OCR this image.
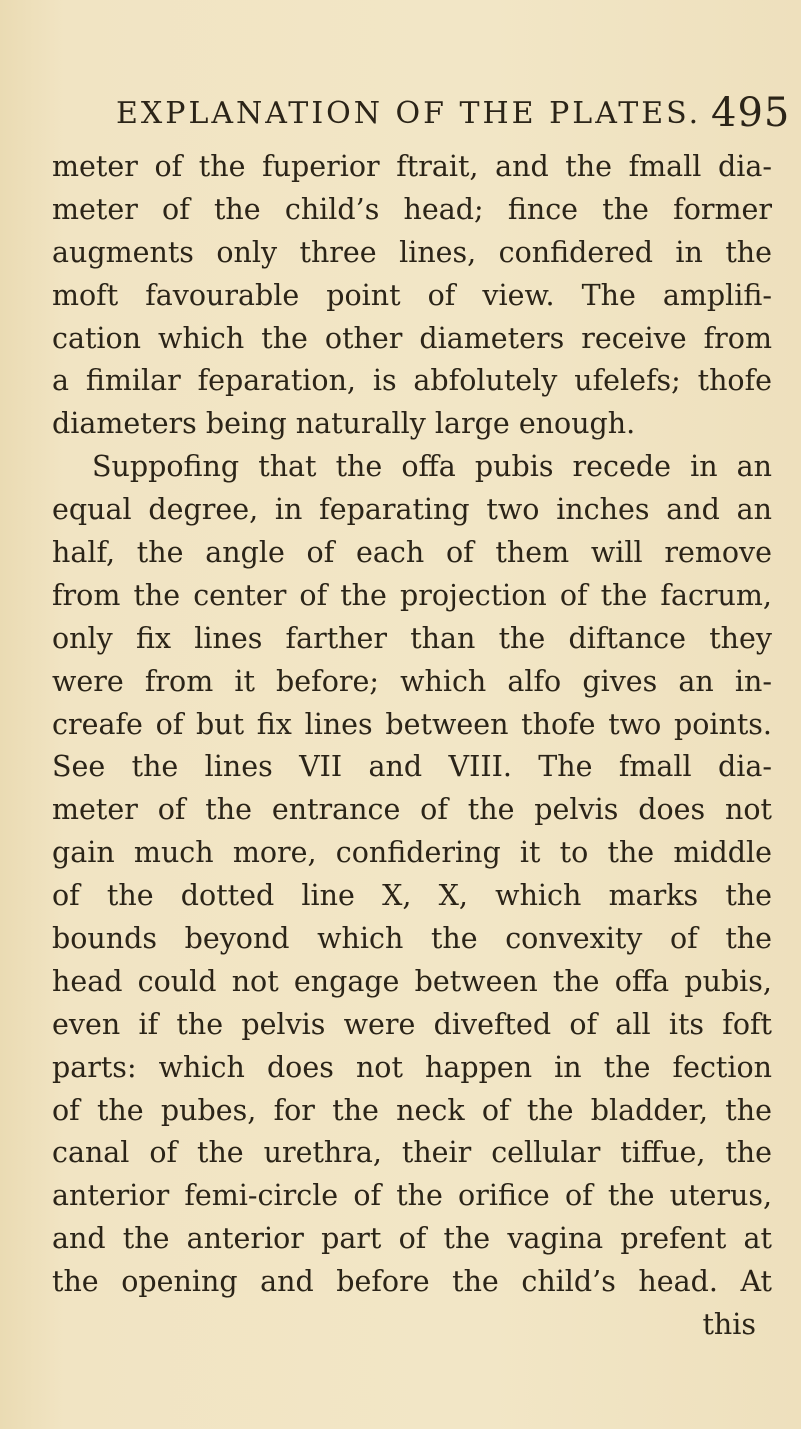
EXPLANATION OF THE PLATES. 495
meter of the fuperior ftrait, and the fmall dia-
meter of the child’s head; fince the former
augments only three lines, confidered in the
moft favourable point of view. The amplifi-
cation which the other diameters receive from
a fimilar feparation, is abfolutely ufelefs; thofe
diameters being naturally large enough.
Suppofing that the offa pubis recede in an
equal degree, in feparating two inches and an
half, the angle of each of them will remove
from the center of the projection of the facrum,
only fix lines farther than the diftance they
were from it before; which alfo gives an in-
creafe of but fix lines between thofe two points.
See the lines VII and VIII. The fmall dia-
meter of the entrance of the pelvis does not
gain much more, confidering it to the middle
of the dotted line X, X, which marks the
bounds beyond which the convexity of the
head could not engage between the offa pubis,
even if the pelvis were divefted of all its foft
parts: which does not happen in the fection
of the pubes, for the neck of the bladder, the
canal of the urethra, their cellular tiffue, the
anterior femi-circle of the orifice of the uterus,
and the anterior part of the vagina prefent at
the opening and before the child’s head. At
this
